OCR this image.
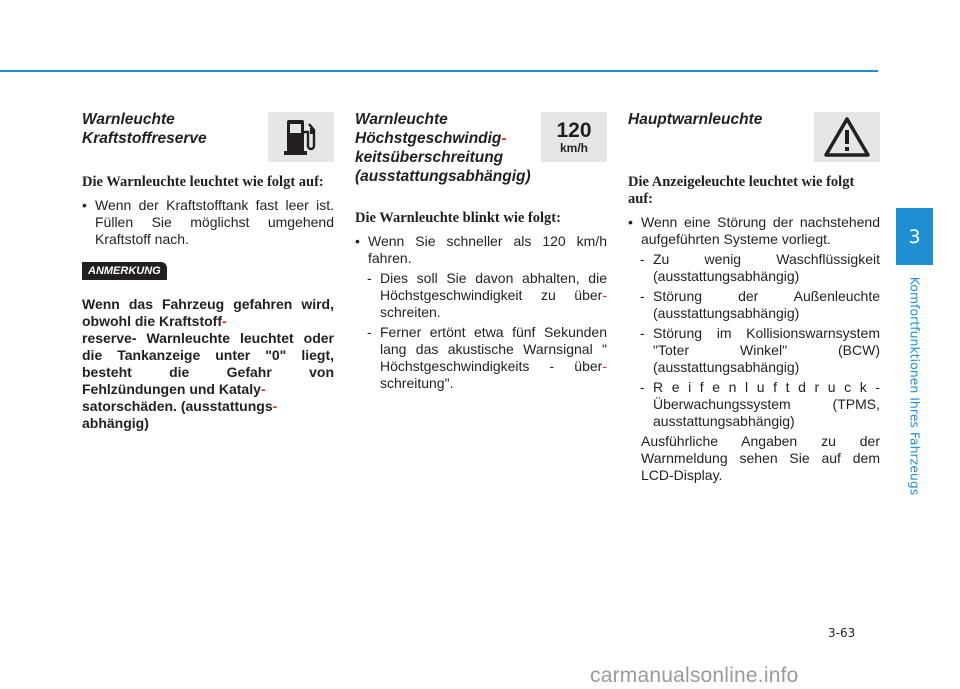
Warnleuchte
Kraftstoffreserve
Die Warnleuchte leuchtet wie folgt auf:

• Wenn der Kraftstofftank fast leer ist. Füllen Sie möglichst umgehend Kraftstoff nach.

ANMERKUNG

Wenn das Fahrzeug gefahren wird, obwohl die Kraftstoff-
reserve- Warnleuchte leuchtet oder die Tankanzeige unter "0" liegt, besteht die Gefahr von Fehlzündungen und Kataly-
satorschäden. (ausstattungs-
abhängig)

Warnleuchte
Höchstgeschwindig-
keitsüberschreitung
(ausstattungsabhängig)
120
km/h
Die Warnleuchte blinkt wie folgt:

• Wenn Sie schneller als 120 km/h fahren.

- Dies soll Sie davon abhalten, die Höchstgeschwindigkeit zu über- schreiten.

- Ferner ertönt etwa fünf Sekunden lang das akustische Warnsignal " Höchstgeschwindigkeits - über- schreitung".

Hauptwarnleuchte
Die Anzeigeleuchte leuchtet wie folgt auf:

• Wenn eine Störung der nachstehend aufgeführten Systeme vorliegt.

- Zu wenig Waschflüssigkeit (ausstattungsabhängig)

- Störung der Außenleuchte (ausstattungsabhängig)

- Störung im Kollisionswarnsystem "Toter Winkel" (BCW) (ausstattungsabhängig)

- R e i f e n l u f t d r u c k - Überwachungssystem (TPMS, ausstattungsabhängig)

Ausführliche Angaben zu der Warnmeldung sehen Sie auf dem LCD-Display.

3
Komfortfunktionen Ihres Fahrzeugs
3-63
carmanualsonline.info
